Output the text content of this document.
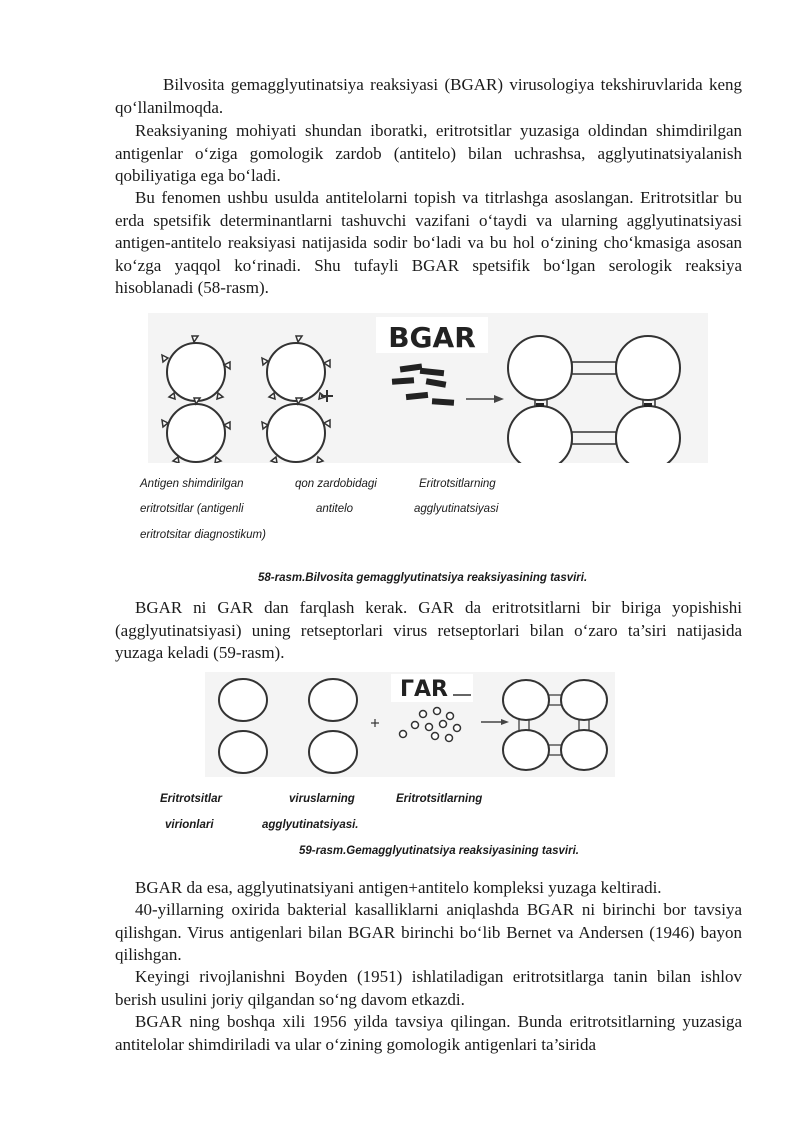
Bilvosita gemagglyutinatsiya reaksiyasi (BGAR) virusologiya tekshiruvlarida keng qo‘llanilmoqda.

Reaksiyaning mohiyati shundan iboratki, eritrotsitlar yuzasiga oldindan shimdirilgan antigenlar o‘ziga gomologik zardob (antitelo) bilan uchrashsa, agglyutinatsiyalanish qobiliyatiga ega bo‘ladi.

Bu fenomen ushbu usulda antitelolarni topish va titrlashga asoslangan. Eritrotsitlar bu erda spetsifik determinantlarni tashuvchi vazifani o‘taydi va ularning agglyutinatsiyasi antigen-antitelo reaksiyasi natijasida sodir bo‘ladi va bu hol o‘zining cho‘kmasiga asosan ko‘zga yaqqol ko‘rinadi. Shu tufayli BGAR spetsifik bo‘lgan serologik reaksiya hisoblanadi (58-rasm).

BGAR

Antigen shimdirilgan

eritrotsitlar (antigenli

eritrotsitar diagnostikum)

qon zardobidagi

antitelo

Eritrotsitlarning

agglyutinatsiyasi

58-rasm.Bilvosita gemagglyutinatsiya reaksiyasining tasviri.

BGAR ni GAR dan farqlash kerak. GAR da eritrotsitlarni bir biriga yopishishi (agglyutinatsiyasi) uning retseptorlari virus retseptorlari bilan o‘zaro ta’siri natijasida yuzaga keladi (59-rasm).

ГАR

Eritrotsitlar	viruslarning

virionlari

Eritrotsitlarning

agglyutinatsiyasi.

59-rasm.Gemagglyutinatsiya reaksiyasining tasviri.

BGAR da esa, agglyutinatsiyani antigen+antitelo kompleksi yuzaga keltiradi.

40-yillarning oxirida bakterial kasalliklarni aniqlashda BGAR ni birinchi bor tavsiya qilishgan. Virus antigenlari bilan BGAR birinchi bo‘lib Bernet va Andersen (1946) bayon qilishgan.

Keyingi rivojlanishni Boyden (1951) ishlatiladigan eritrotsitlarga tanin bilan ishlov berish usulini joriy qilgandan so‘ng davom etkazdi.

BGAR ning boshqa xili 1956 yilda tavsiya qilingan. Bunda eritrotsitlarning yuzasiga antitelolar shimdiriladi va ular o‘zining gomologik antigenlari ta’sirida
